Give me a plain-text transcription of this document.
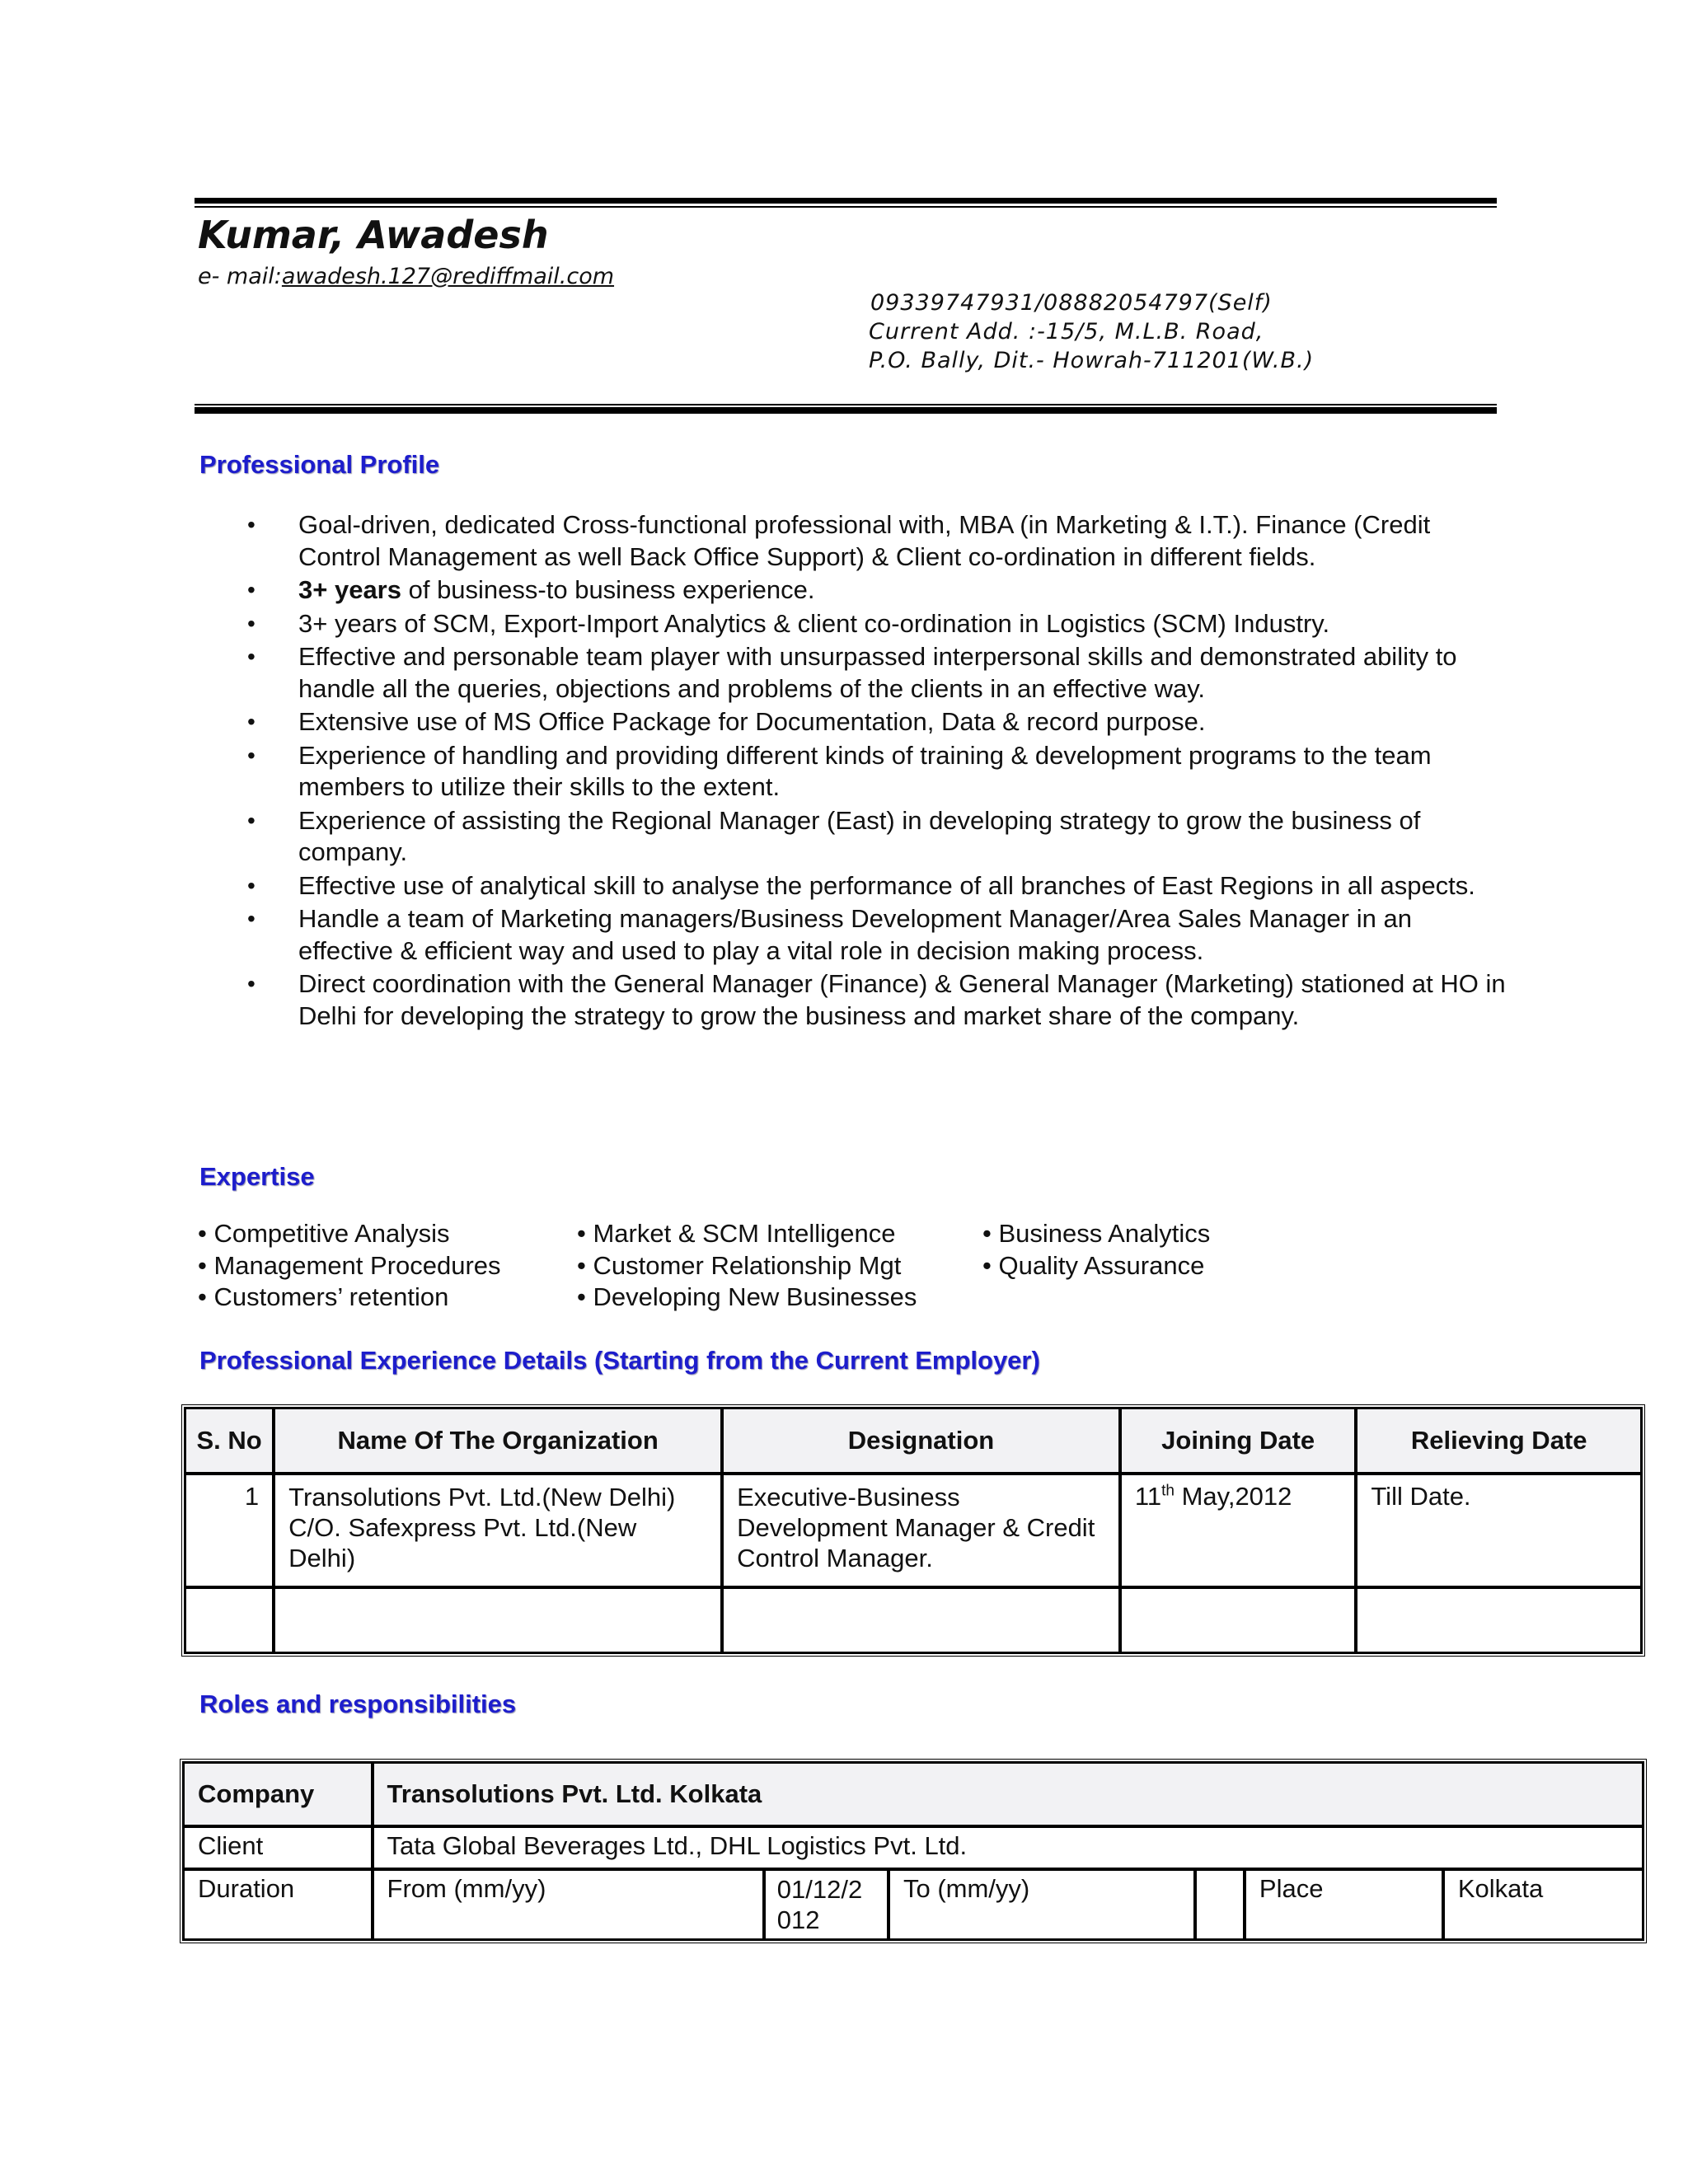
Kumar, Awadesh
e- mail:awadesh.127@rediffmail.com
09339747931/08882054797(Self)
Current Add. :-15/5, M.L.B. Road,
P.O. Bally, Dit.- Howrah-711201(W.B.)
Professional Profile
• Goal-driven, dedicated Cross-functional professional with, MBA (in Marketing & I.T.). Finance (Credit Control Management as well Back Office Support) & Client co-ordination in different fields.
• 3+ years of business-to business experience.
• 3+ years of SCM, Export-Import Analytics & client co-ordination in Logistics (SCM) Industry.
• Effective and personable team player with unsurpassed interpersonal skills and demonstrated ability to handle all the queries, objections and problems of the clients in an effective way.
• Extensive use of MS Office Package for Documentation, Data & record purpose.
• Experience of handling and providing different kinds of training & development programs to the team members to utilize their skills to the extent.
• Experience of assisting the Regional Manager (East) in developing strategy to grow the business of company.
• Effective use of analytical skill to analyse the performance of all branches of East Regions in all aspects.
• Handle a team of Marketing managers/Business Development Manager/Area Sales Manager in an effective & efficient way and used to play a vital role in decision making process.
• Direct coordination with the General Manager (Finance) & General Manager (Marketing) stationed at HO in Delhi for developing the strategy to grow the business and market share of the company.
Expertise
• Competitive Analysis
• Management Procedures
• Customers’ retention
• Market & SCM Intelligence
• Customer Relationship Mgt
• Developing New Businesses
• Business Analytics
• Quality Assurance
Professional Experience Details (Starting from the Current Employer)
S. No	Name Of The Organization	Designation	Joining Date	Relieving Date
1	Transolutions Pvt. Ltd.(New Delhi) C/O. Safexpress Pvt. Ltd.(New Delhi)	Executive-Business Development Manager & Credit Control Manager.	11th May,2012	Till Date.

Roles and responsibilities
Company	Transolutions Pvt. Ltd. Kolkata					
Client	Tata Global Beverages Ltd., DHL Logistics Pvt. Ltd.					
Duration	From (mm/yy)	01/12/2012	To (mm/yy)		Place	Kolkata
